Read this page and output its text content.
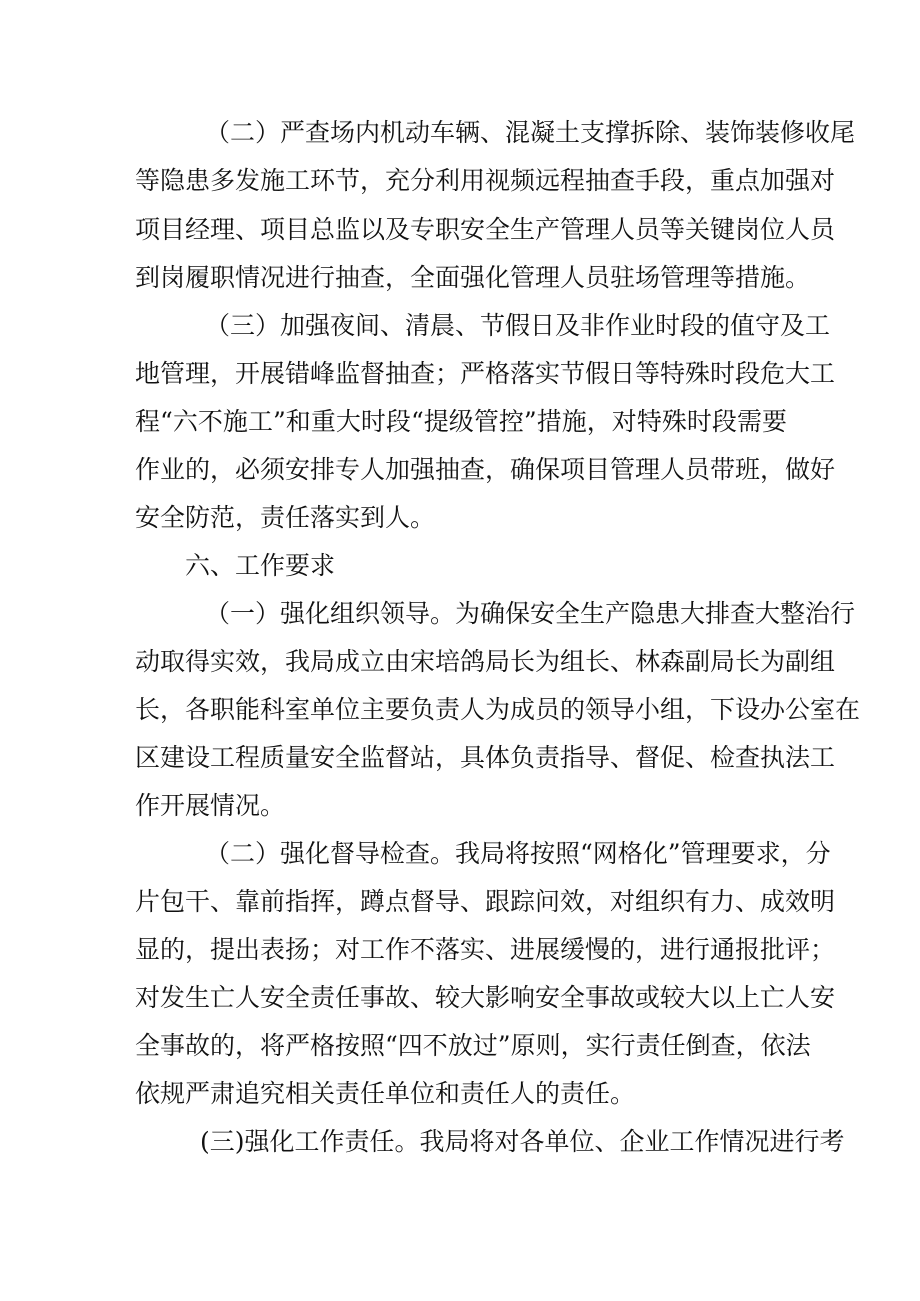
（二）严查场内机动车辆、混凝土支撑拆除、装饰装修收尾
等隐患多发施工环节，充分利用视频远程抽查手段，重点加强对
项目经理、项目总监以及专职安全生产管理人员等关键岗位人员
到岗履职情况进行抽查，全面强化管理人员驻场管理等措施。
（三）加强夜间、清晨、节假日及非作业时段的值守及工
地管理，开展错峰监督抽查；严格落实节假日等特殊时段危大工
程“六不施工”和重大时段“提级管控”措施，对特殊时段需要
作业的，必须安排专人加强抽查，确保项目管理人员带班，做好
安全防范，责任落实到人。
六、工作要求
（一）强化组织领导。为确保安全生产隐患大排查大整治行
动取得实效，我局成立由宋培鸽局长为组长、林森副局长为副组
长，各职能科室单位主要负责人为成员的领导小组，下设办公室在
区建设工程质量安全监督站，具体负责指导、督促、检查执法工
作开展情况。
（二）强化督导检查。我局将按照“网格化”管理要求，分
片包干、靠前指挥，蹲点督导、跟踪问效，对组织有力、成效明
显的，提出表扬；对工作不落实、进展缓慢的，进行通报批评；
对发生亡人安全责任事故、较大影响安全事故或较大以上亡人安
全事故的，将严格按照“四不放过”原则，实行责任倒查，依法
依规严肃追究相关责任单位和责任人的责任。
(三)强化工作责任。我局将对各单位、企业工作情况进行考
